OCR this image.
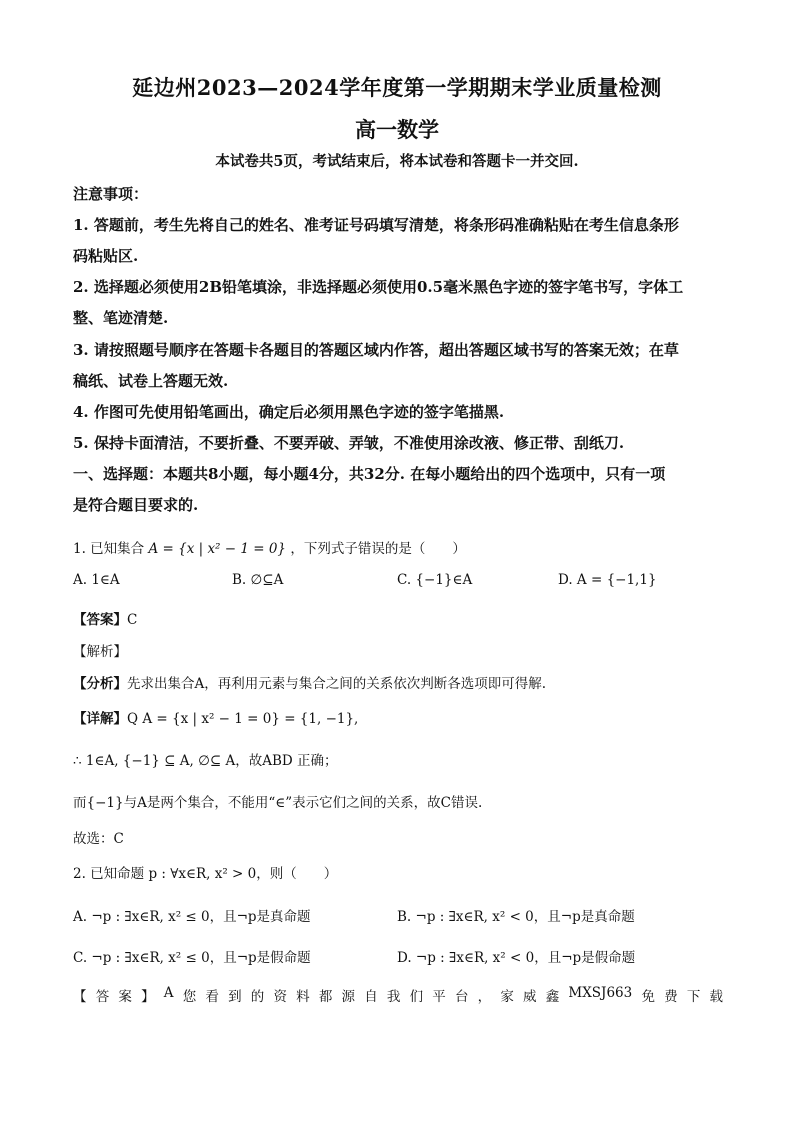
延边州2023—2024学年度第一学期期末学业质量检测
高一数学
本试卷共5页，考试结束后，将本试卷和答题卡一并交回.
注意事项：
1. 答题前，考生先将自己的姓名、准考证号码填写清楚，将条形码准确粘贴在考生信息条形
码粘贴区.
2. 选择题必须使用2B铅笔填涂，非选择题必须使用0.5毫米黑色字迹的签字笔书写，字体工
整、笔迹清楚.
3. 请按照题号顺序在答题卡各题目的答题区域内作答，超出答题区域书写的答案无效；在草
稿纸、试卷上答题无效.
4. 作图可先使用铅笔画出，确定后必须用黑色字迹的签字笔描黑.
5. 保持卡面清洁，不要折叠、不要弄破、弄皱，不准使用涂改液、修正带、刮纸刀.
一、选择题：本题共8小题，每小题4分，共32分. 在每小题给出的四个选项中，只有一项
是符合题目要求的.
1. 已知集合 A = {x | x² − 1 = 0} ，下列式子错误的是（　　）
A. 1∈A	B. ∅⊆A	C. {−1}∈A	D. A = {−1,1}
【答案】C
【解析】
【分析】先求出集合A，再利用元素与集合之间的关系依次判断各选项即可得解.
【详解】Q A = {x | x² − 1 = 0} = {1, −1},
∴ 1∈A, {−1} ⊆ A, ∅⊆ A，故ABD 正确；
而{−1}与A是两个集合，不能用“∈”表示它们之间的关系，故C错误.
故选：C
2. 已知命题 p : ∀x∈R, x² > 0，则（　　）
A. ¬p : ∃x∈R, x² ≤ 0，且¬p是真命题	B. ¬p : ∃x∈R, x² < 0，且¬p是真命题
C. ¬p : ∃x∈R, x² ≤ 0，且¬p是假命题	D. ¬p : ∃x∈R, x² < 0，且¬p是假命题
【 答 案 】 A 您 看 到 的 资 料 都 源 自 我 们 平 台 ， 家 威 鑫 MXSJ663 免 费 下 载
